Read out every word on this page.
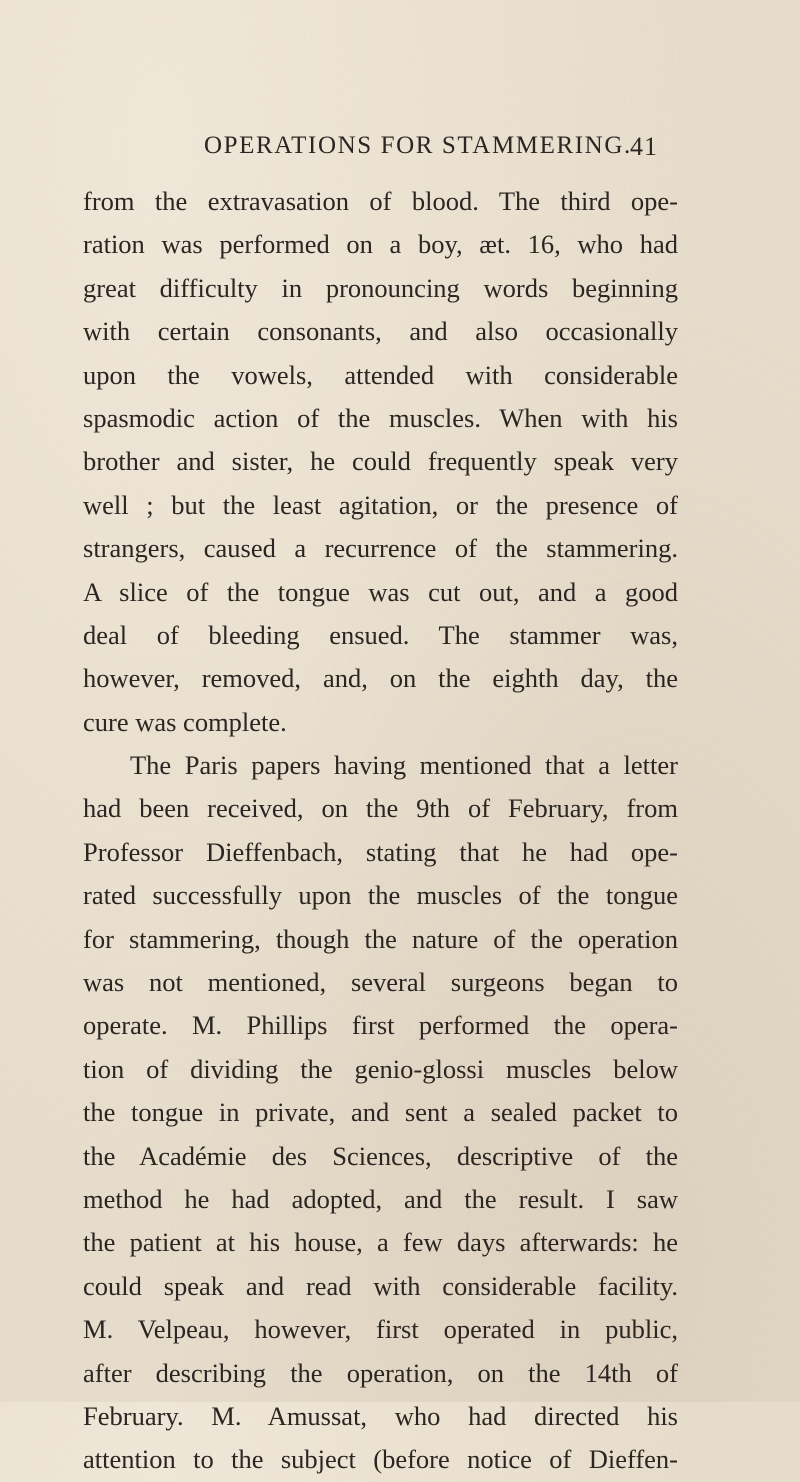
OPERATIONS FOR STAMMERING.
41
from the extravasation of blood. The third ope-
ration was performed on a boy, æt. 16, who had
great difficulty in pronouncing words beginning
with certain consonants, and also occasionally
upon the vowels, attended with considerable
spasmodic action of the muscles. When with his
brother and sister, he could frequently speak very
well ; but the least agitation, or the presence of
strangers, caused a recurrence of the stammering.
A slice of the tongue was cut out, and a good
deal of bleeding ensued. The stammer was,
however, removed, and, on the eighth day, the
cure was complete.
The Paris papers having mentioned that a letter
had been received, on the 9th of February, from
Professor Dieffenbach, stating that he had ope-
rated successfully upon the muscles of the tongue
for stammering, though the nature of the operation
was not mentioned, several surgeons began to
operate. M. Phillips first performed the opera-
tion of dividing the genio-glossi muscles below
the tongue in private, and sent a sealed packet to
the Académie des Sciences, descriptive of the
method he had adopted, and the result. I saw
the patient at his house, a few days afterwards: he
could speak and read with considerable facility.
M. Velpeau, however, first operated in public,
after describing the operation, on the 14th of
February. M. Amussat, who had directed his
attention to the subject (before notice of Dieffen-
